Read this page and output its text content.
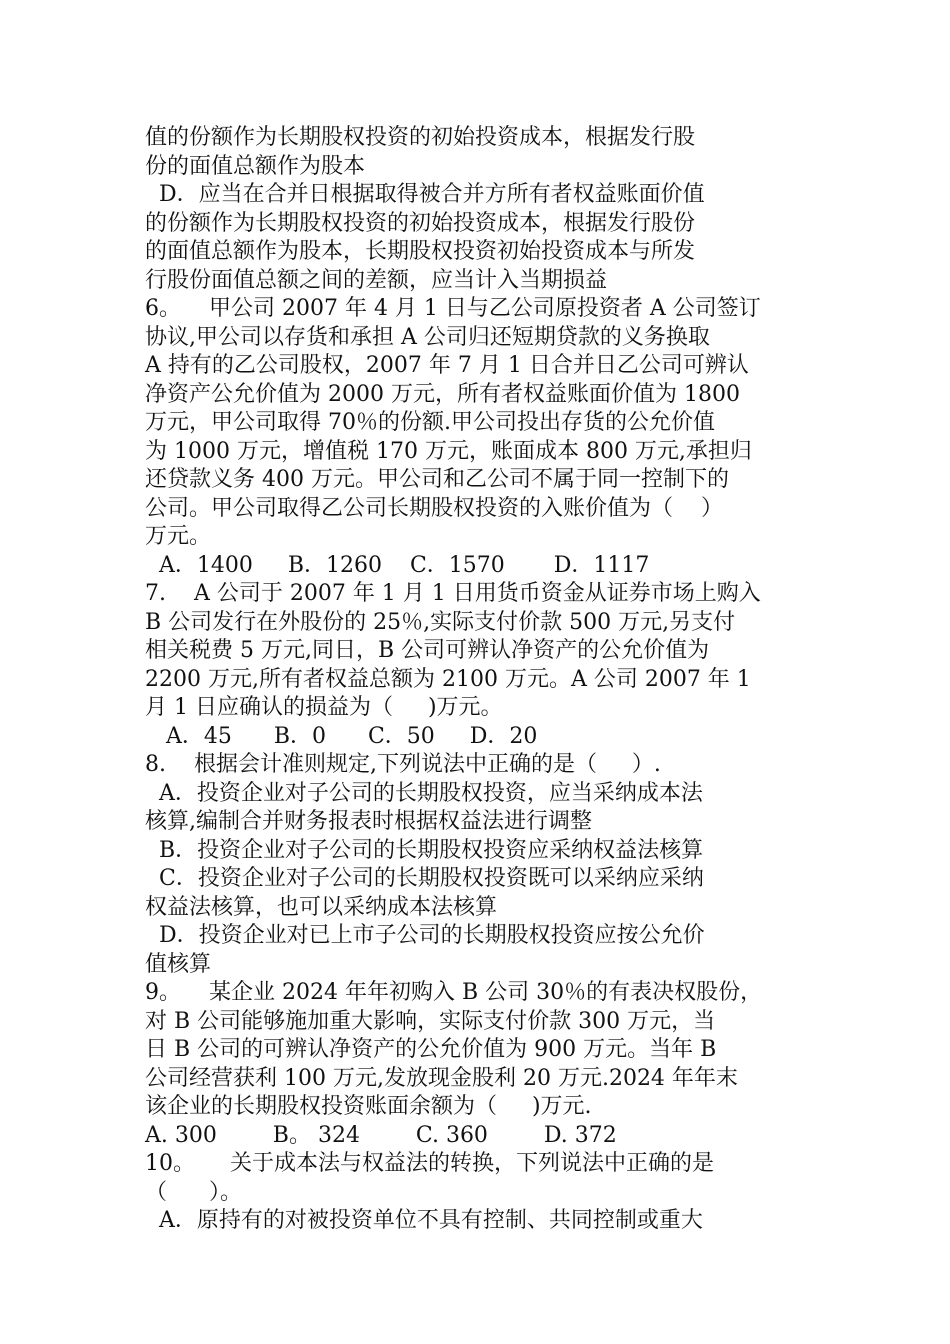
值的份额作为长期股权投资的初始投资成本，根据发行股
份的面值总额作为股本
D．应当在合并日根据取得被合并方所有者权益账面价值
的份额作为长期股权投资的初始投资成本，根据发行股份
的面值总额作为股本，长期股权投资初始投资成本与所发
行股份面值总额之间的差额，应当计入当期损益
6。    甲公司 2007 年 4 月 1 日与乙公司原投资者 A 公司签订
协议,甲公司以存货和承担 A 公司归还短期贷款的义务换取
A 持有的乙公司股权，2007 年 7 月 1 日合并日乙公司可辨认
净资产公允价值为 2000 万元，所有者权益账面价值为 1800
万元，甲公司取得 70％的份额.甲公司投出存货的公允价值
为 1000 万元，增值税 170 万元，账面成本 800 万元,承担归
还贷款义务 400 万元。甲公司和乙公司不属于同一控制下的
公司。甲公司取得乙公司长期股权投资的入账价值为（    ）
万元。
A．1400     B．1260    C．1570       D．1117
7.    A 公司于 2007 年 1 月 1 日用货币资金从证券市场上购入
B 公司发行在外股份的 25％,实际支付价款 500 万元,另支付
相关税费 5 万元,同日，B 公司可辨认净资产的公允价值为
2200 万元,所有者权益总额为 2100 万元。A 公司 2007 年 1
月 1 日应确认的损益为（     )万元。
A．45      B．0      C．50     D．20
8.    根据会计准则规定,下列说法中正确的是（     ）.
A．投资企业对子公司的长期股权投资，应当采纳成本法
核算,编制合并财务报表时根据权益法进行调整
B．投资企业对子公司的长期股权投资应采纳权益法核算
C．投资企业对子公司的长期股权投资既可以采纳应采纳
权益法核算，也可以采纳成本法核算
D．投资企业对已上市子公司的长期股权投资应按公允价
值核算
9。    某企业 2024 年年初购入 B 公司 30％的有表决权股份，
对 B 公司能够施加重大影响，实际支付价款 300 万元，当
日 B 公司的可辨认净资产的公允价值为 900 万元。当年 B
公司经营获利 100 万元,发放现金股利 20 万元.2024 年年末
该企业的长期股权投资账面余额为（     )万元.
A. 300        B。 324        C. 360        D. 372
10。     关于成本法与权益法的转换，下列说法中正确的是
（      ）。
A．原持有的对被投资单位不具有控制、共同控制或重大
